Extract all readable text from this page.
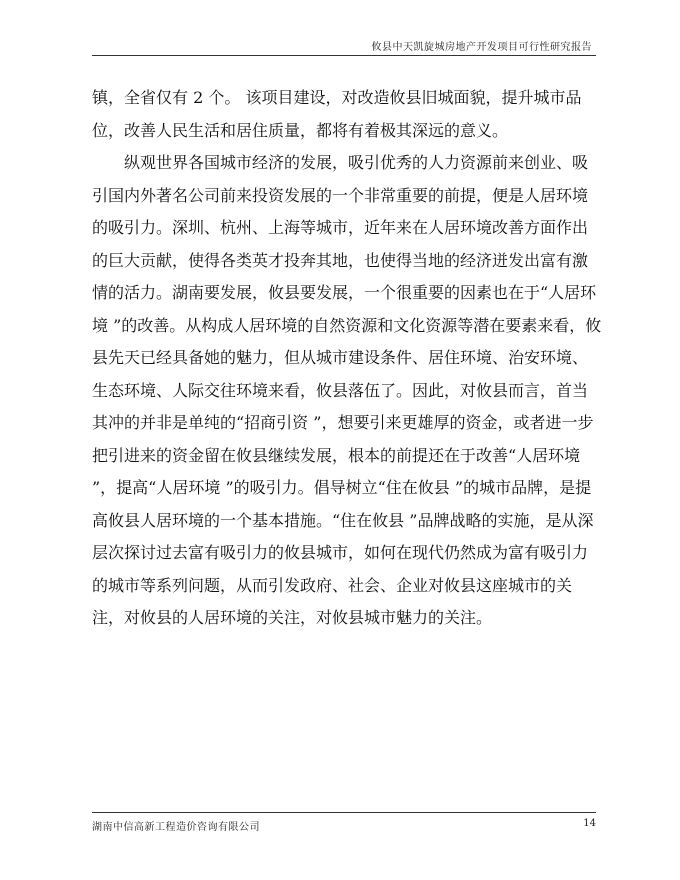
攸县中天凯旋城房地产开发项目可行性研究报告

镇，全省仅有 2 个。 该项目建设，对改造攸县旧城面貌，提升城市品位，改善人民生活和居住质量，都将有着极其深远的意义。

纵观世界各国城市经济的发展，吸引优秀的人力资源前来创业、吸引国内外著名公司前来投资发展的一个非常重要的前提，便是人居环境的吸引力。深圳、杭州、上海等城市，近年来在人居环境改善方面作出的巨大贡献，使得各类英才投奔其地，也使得当地的经济迸发出富有激情的活力。湖南要发展，攸县要发展，一个很重要的因素也在于“人居环境 ”的改善。从构成人居环境的自然资源和文化资源等潜在要素来看，攸县先天已经具备她的魅力，但从城市建设条件、居住环境、治安环境、生态环境、人际交往环境来看，攸县落伍了。因此，对攸县而言，首当其冲的并非是单纯的“招商引资 ”，想要引来更雄厚的资金，或者进一步把引进来的资金留在攸县继续发展，根本的前提还在于改善“人居环境 ”，提高“人居环境 ”的吸引力。倡导树立“住在攸县 ”的城市品牌，是提高攸县人居环境的一个基本措施。“住在攸县 ”品牌战略的实施，是从深层次探讨过去富有吸引力的攸县城市，如何在现代仍然成为富有吸引力的城市等系列问题，从而引发政府、社会、企业对攸县这座城市的关注，对攸县的人居环境的关注，对攸县城市魅力的关注。

湖南中信高新工程造价咨询有限公司	14
